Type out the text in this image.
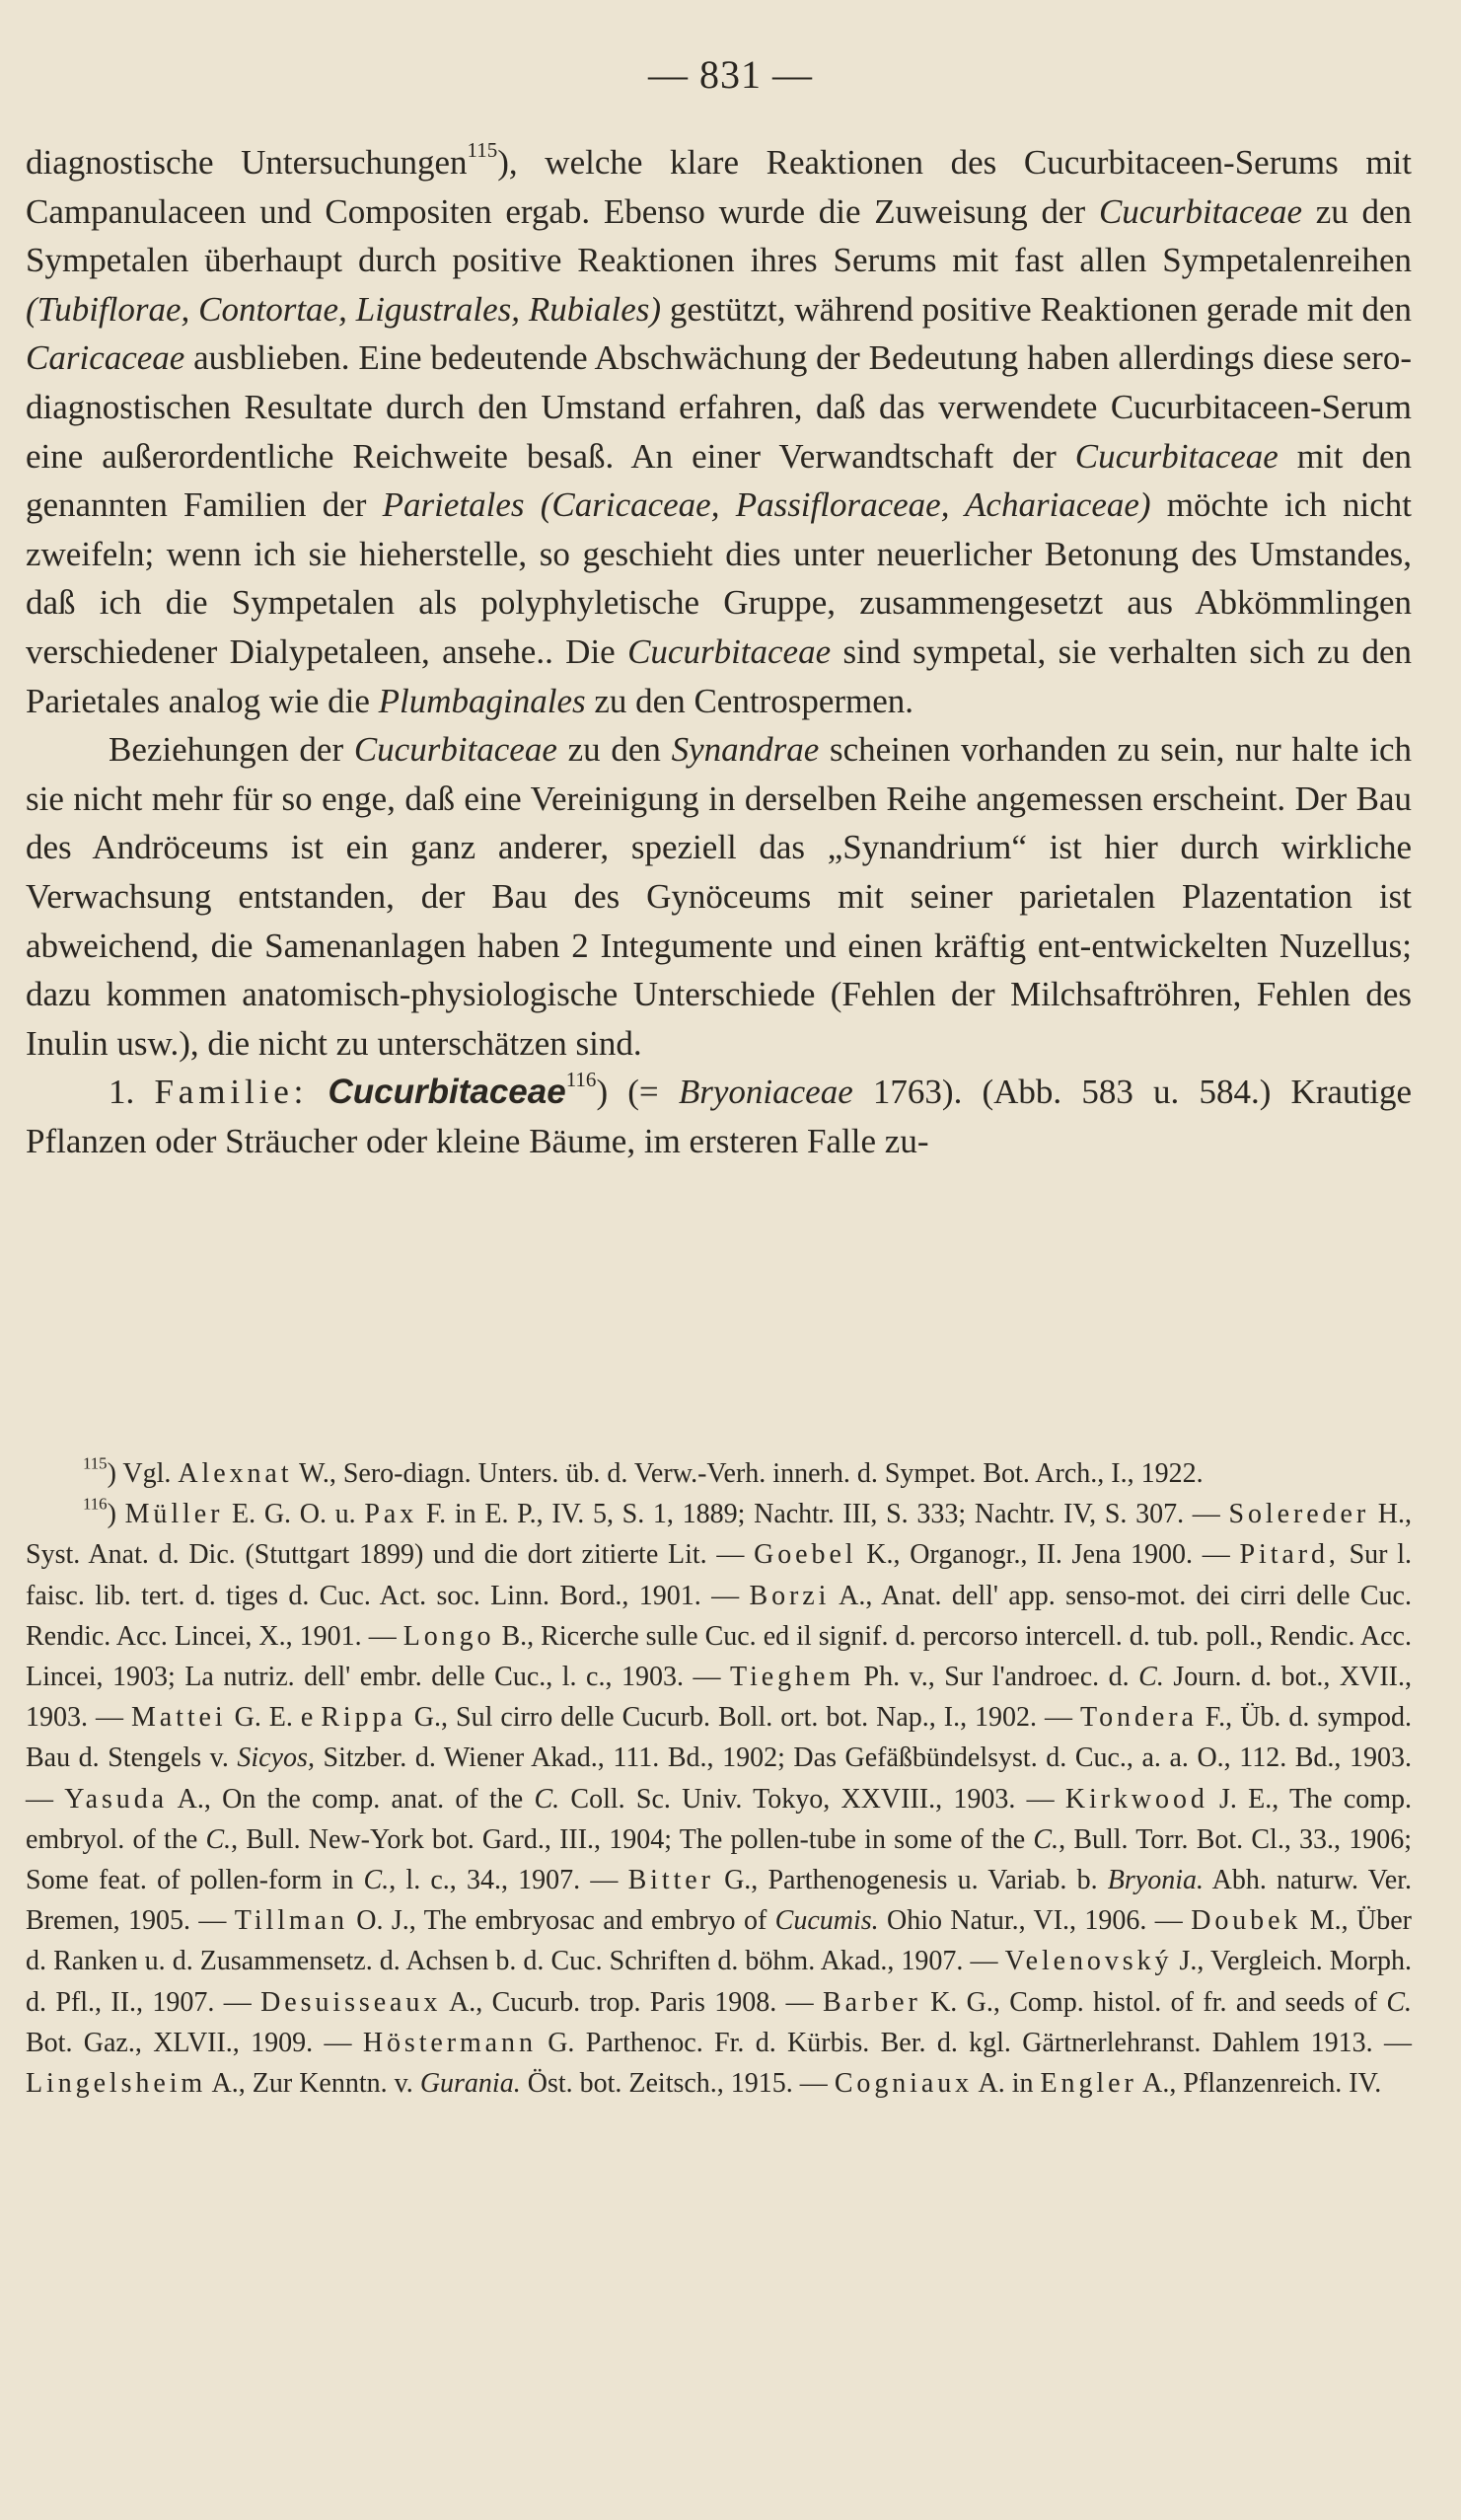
— 831 —

diagnostische Untersuchungen$^{115}$), welche klare Reaktionen des Cucurbitaceen-Serums mit Campanulaceen und Compositen ergab. Ebenso wurde die Zuweisung der Cucurbitaceae zu den Sympetalen überhaupt durch positive Reaktionen ihres Serums mit fast allen Sympetalenreihen (Tubiflorae, Contortae, Ligustrales, Rubiales) gestützt, während positive Reaktionen gerade mit den Caricaceae ausblieben. Eine bedeutende Abschwächung der Bedeutung haben allerdings diese sero-diagnostischen Resultate durch den Umstand erfahren, daß das verwendete Cucurbitaceen-Serum eine außerordentliche Reichweite besaß. An einer Verwandtschaft der Cucurbitaceae mit den genannten Familien der Parietales (Caricaceae, Passifloraceae, Achariaceae) möchte ich nicht zweifeln; wenn ich sie hieherstelle, so geschieht dies unter neuerlicher Betonung des Umstandes, daß ich die Sympetalen als polyphyletische Gruppe, zusammengesetzt aus Abkömmlingen verschiedener Dialypetaleen, ansehe.. Die Cucurbitaceae sind sympetal, sie verhalten sich zu den Parietales analog wie die Plumbaginales zu den Centrospermen.

Beziehungen der Cucurbitaceae zu den Synandrae scheinen vorhanden zu sein, nur halte ich sie nicht mehr für so enge, daß eine Vereinigung in derselben Reihe angemessen erscheint. Der Bau des Andröceums ist ein ganz anderer, speziell das „Synandrium“ ist hier durch wirkliche Verwachsung entstanden, der Bau des Gynöceums mit seiner parietalen Plazentation ist abweichend, die Samenanlagen haben 2 Integumente und einen kräftig ent-entwickelten Nuzellus; dazu kommen anatomisch-physiologische Unterschiede (Fehlen der Milchsaftröhren, Fehlen des Inulin usw.), die nicht zu unterschätzen sind.

1. Familie: Cucurbitaceae$^{116}$) (= Bryoniaceae 1763). (Abb. 583 u. 584.) Krautige Pflanzen oder Sträucher oder kleine Bäume, im ersteren Falle zu-

$^{115}$) Vgl. Alexnat W., Sero-diagn. Unters. üb. d. Verw.-Verh. innerh. d. Sympet. Bot. Arch., I., 1922.

$^{116}$) Müller E. G. O. u. Pax F. in E. P., IV. 5, S. 1, 1889; Nachtr. III, S. 333; Nachtr. IV, S. 307. — Solereder H., Syst. Anat. d. Dic. (Stuttgart 1899) und die dort zitierte Lit. — Goebel K., Organogr., II. Jena 1900. — Pitard, Sur l. faisc. lib. tert. d. tiges d. Cuc. Act. soc. Linn. Bord., 1901. — Borzi A., Anat. dell' app. senso-mot. dei cirri delle Cuc. Rendic. Acc. Lincei, X., 1901. — Longo B., Ricerche sulle Cuc. ed il signif. d. percorso intercell. d. tub. poll., Rendic. Acc. Lincei, 1903; La nutriz. dell' embr. delle Cuc., l. c., 1903. — Tieghem Ph. v., Sur l'androec. d. C. Journ. d. bot., XVII., 1903. — Mattei G. E. e Rippa G., Sul cirro delle Cucurb. Boll. ort. bot. Nap., I., 1902. — Tondera F., Üb. d. sympod. Bau d. Stengels v. Sicyos, Sitzber. d. Wiener Akad., 111. Bd., 1902; Das Gefäßbündelsyst. d. Cuc., a. a. O., 112. Bd., 1903. — Yasuda A., On the comp. anat. of the C. Coll. Sc. Univ. Tokyo, XXVIII., 1903. — Kirkwood J. E., The comp. embryol. of the C., Bull. New-York bot. Gard., III., 1904; The pollen-tube in some of the C., Bull. Torr. Bot. Cl., 33., 1906; Some feat. of pollen-form in C., l. c., 34., 1907. — Bitter G., Parthenogenesis u. Variab. b. Bryonia. Abh. naturw. Ver. Bremen, 1905. — Tillman O. J., The embryosac and embryo of Cucumis. Ohio Natur., VI., 1906. — Doubek M., Über d. Ranken u. d. Zusammensetz. d. Achsen b. d. Cuc. Schriften d. böhm. Akad., 1907. — Velenovský J., Vergleich. Morph. d. Pfl., II., 1907. — Desuisseaux A., Cucurb. trop. Paris 1908. — Barber K. G., Comp. histol. of fr. and seeds of C. Bot. Gaz., XLVII., 1909. — Höstermann G. Parthenoc. Fr. d. Kürbis. Ber. d. kgl. Gärtnerlehranst. Dahlem 1913. — Lingelsheim A., Zur Kenntn. v. Gurania. Öst. bot. Zeitsch., 1915. — Cogniaux A. in Engler A., Pflanzenreich. IV.
